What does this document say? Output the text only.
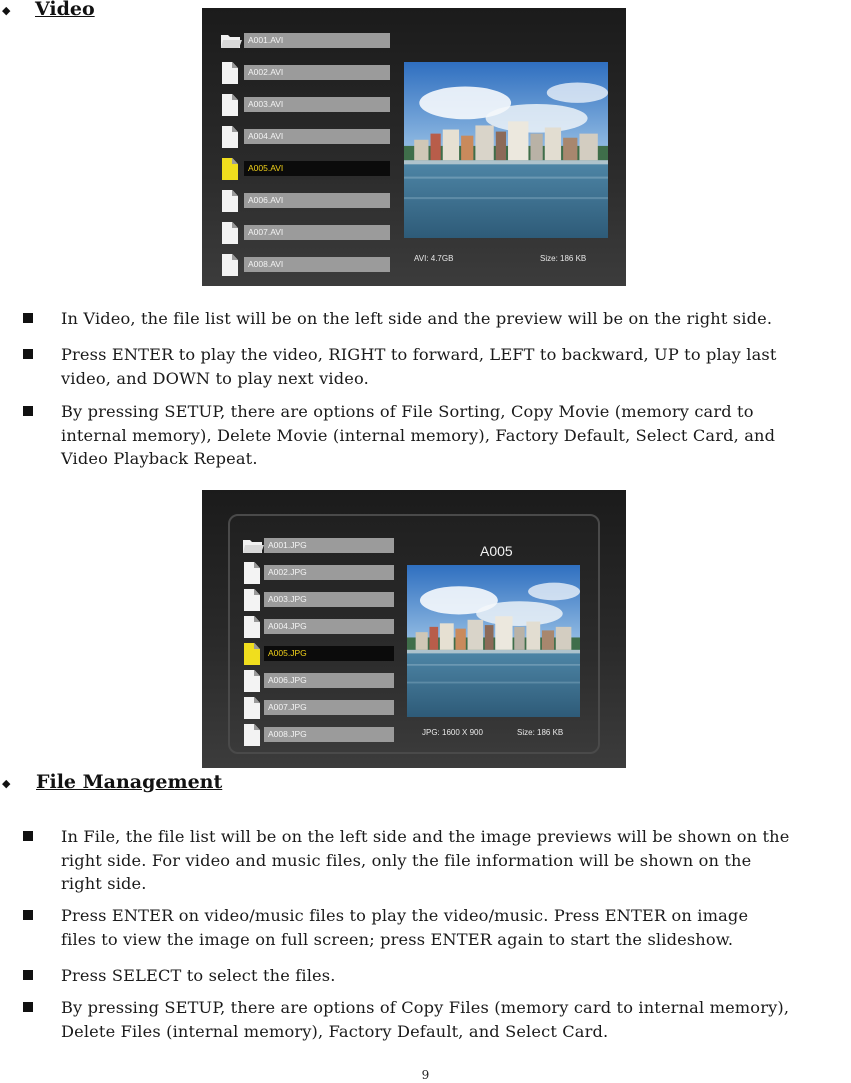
◆ Video
A001.AVI
A002.AVI
A003.AVI
A004.AVI
A005.AVI
A006.AVI
A007.AVI
A008.AVI
AVI: 4.7GB	Size: 186 KB
In Video, the file list will be on the left side and the preview will be on the right side.
Press ENTER to play the video, RIGHT to forward, LEFT to backward, UP to play last
video, and DOWN to play next video.
By pressing SETUP, there are options of File Sorting, Copy Movie (memory card to
internal memory), Delete Movie (internal memory), Factory Default, Select Card, and
Video Playback Repeat.
A005
A001.JPG
A002.JPG
A003.JPG
A004.JPG
A005.JPG
A006.JPG
A007.JPG
A008.JPG	JPG: 1600 X 900	Size: 186 KB
◆ File Management
In File, the file list will be on the left side and the image previews will be shown on the
right side. For video and music files, only the file information will be shown on the
right side.
Press ENTER on video/music files to play the video/music. Press ENTER on image
files to view the image on full screen; press ENTER again to start the slideshow.
Press SELECT to select the files.
By pressing SETUP, there are options of Copy Files (memory card to internal memory),
Delete Files (internal memory), Factory Default, and Select Card.
9
